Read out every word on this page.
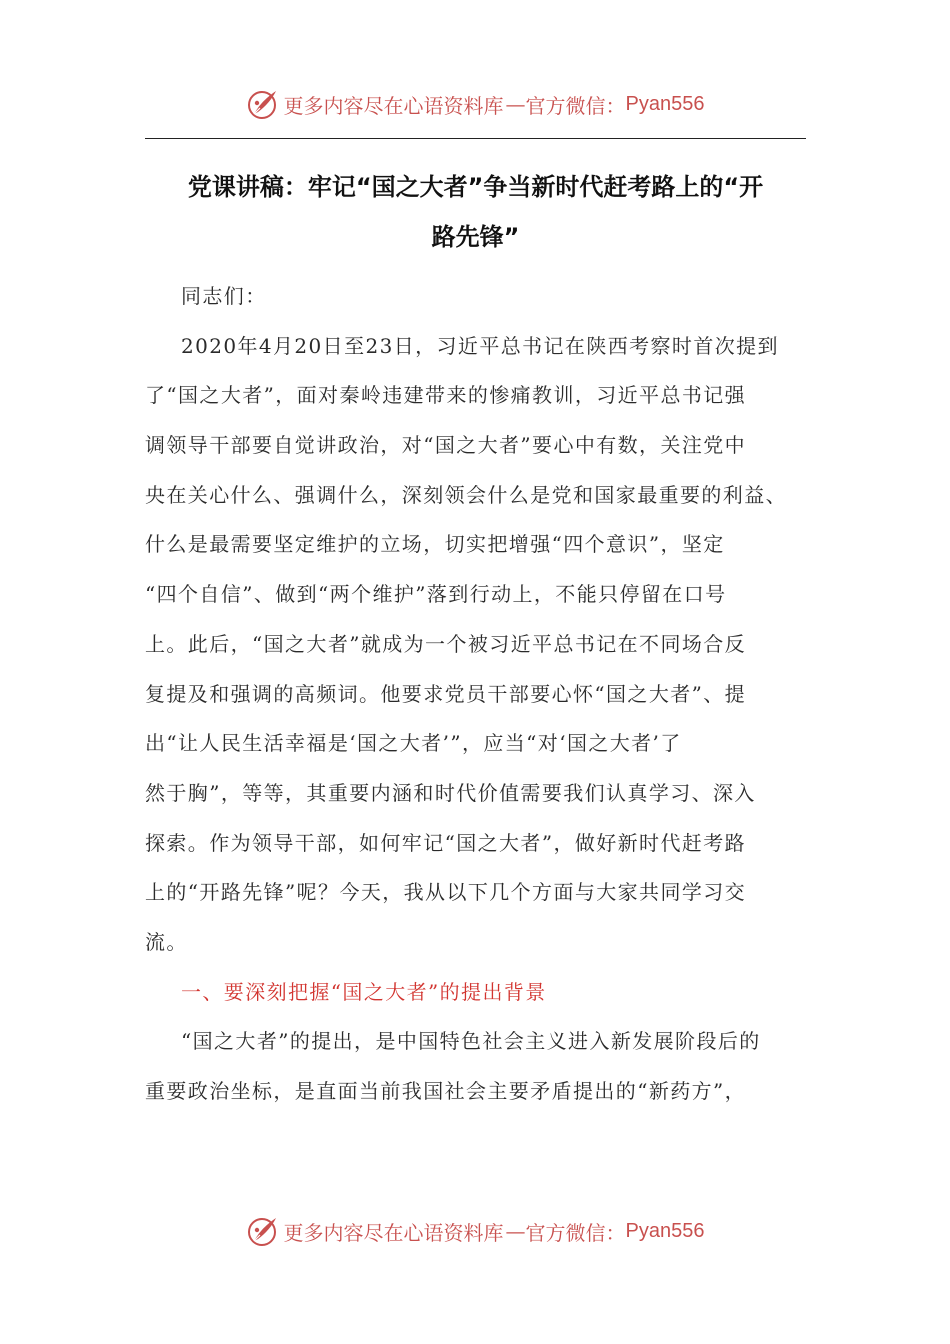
更多内容尽在心语资料库 — 官方微信： Pyan556
党课讲稿：牢记“国之大者”争当新时代赶考路上的“开
路先锋”
同志们：

2020年4月20日至23日，习近平总书记在陕西考察时首次提到
了“国之大者”，面对秦岭违建带来的惨痛教训，习近平总书记强
调领导干部要自觉讲政治，对“国之大者”要心中有数，关注党中
央在关心什么、强调什么，深刻领会什么是党和国家最重要的利益、
什么是最需要坚定维护的立场，切实把增强“四个意识”，坚定
“四个自信”、做到“两个维护”落到行动上，不能只停留在口号
上。此后，“国之大者”就成为一个被习近平总书记在不同场合反
复提及和强调的高频词。他要求党员干部要心怀“国之大者”、提
出“让人民生活幸福是‘国之大者’”，应当“对‘国之大者’了
然于胸”，等等，其重要内涵和时代价值需要我们认真学习、深入
探索。作为领导干部，如何牢记“国之大者”，做好新时代赶考路
上的“开路先锋”呢？今天，我从以下几个方面与大家共同学习交
流。

一、要深刻把握“国之大者”的提出背景

“国之大者”的提出，是中国特色社会主义进入新发展阶段后的
重要政治坐标，是直面当前我国社会主要矛盾提出的“新药方”，

更多内容尽在心语资料库 — 官方微信： Pyan556
